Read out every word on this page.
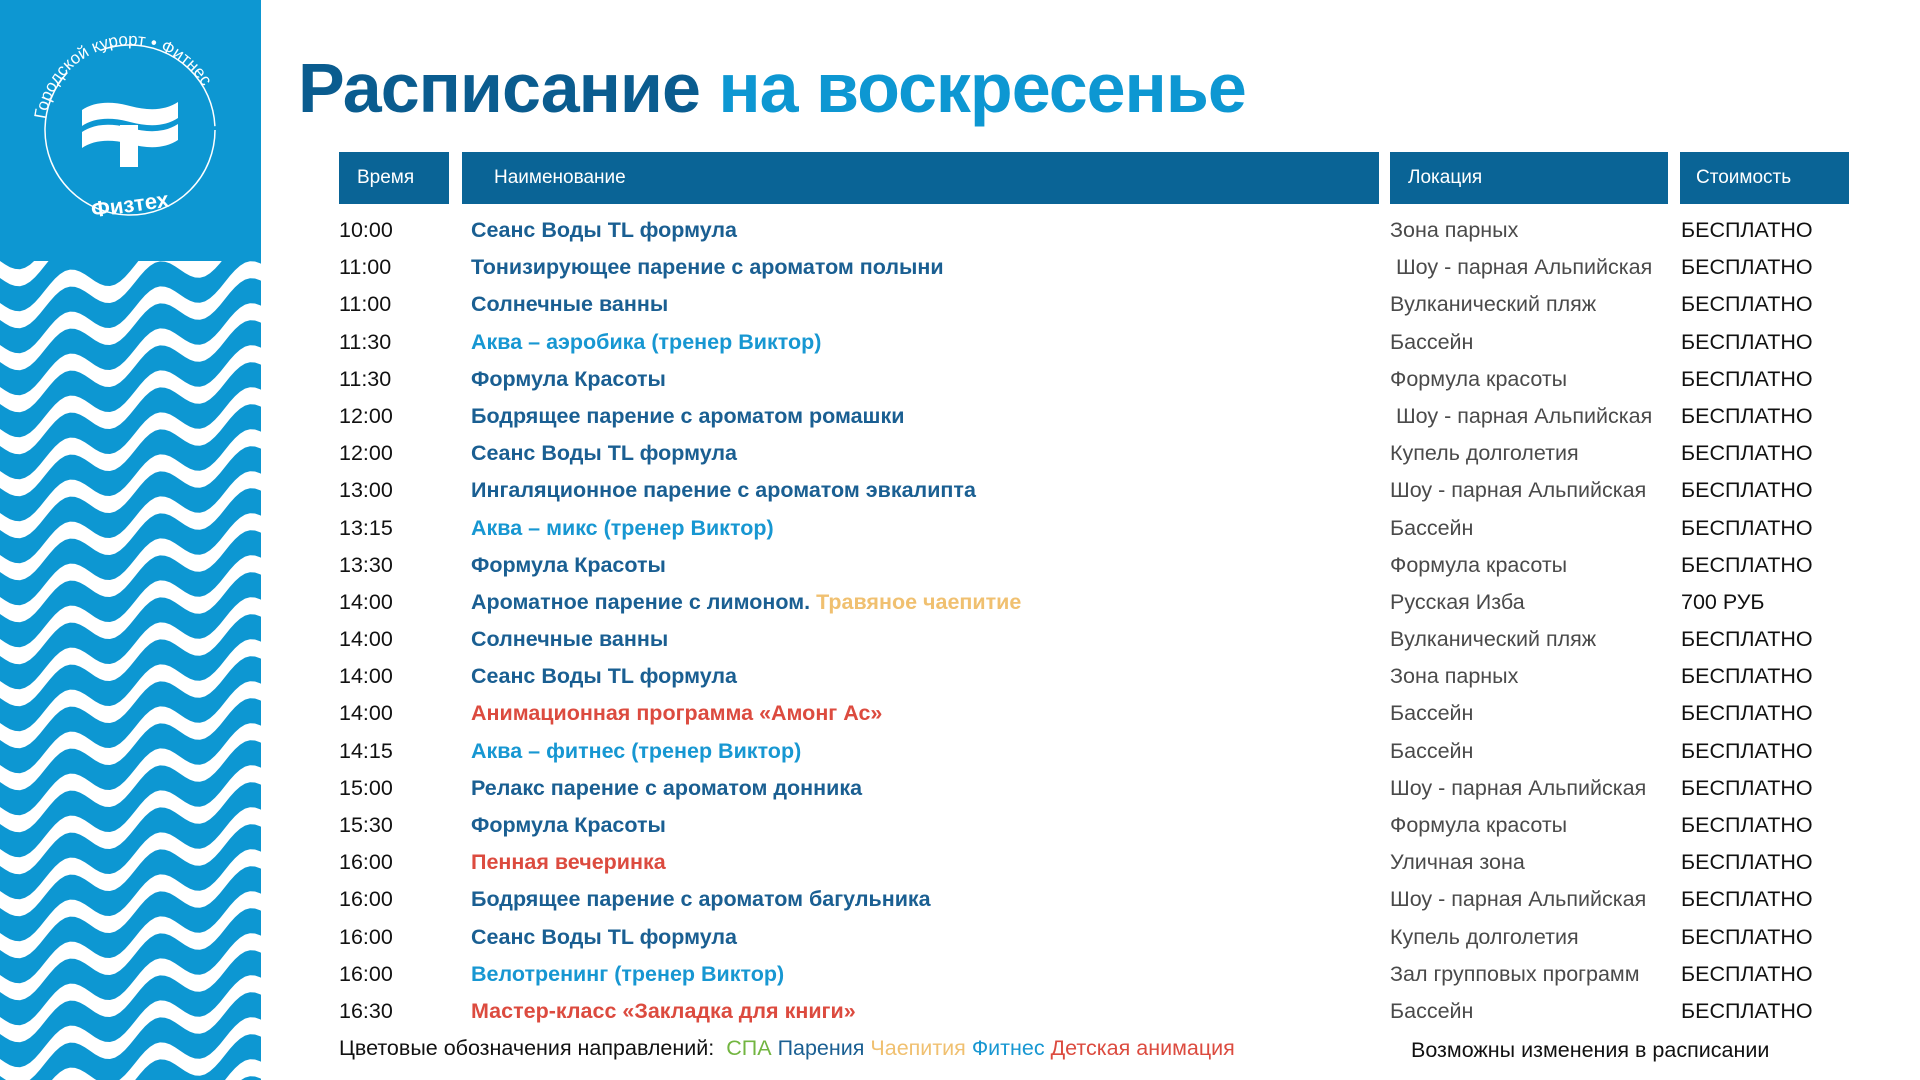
Городской курорт • Фитнес
Физтех
Расписание на воскресенье
Время	Наименование	Локация	Стоимость
10:00	Сеанс Воды TL формула	Зона парных	БЕСПЛАТНО
11:00	Тонизирующее парение с ароматом полыни	Шоу - парная Альпийская БЕСПЛАТНО
11:00	Солнечные ванны	Вулканический пляж	БЕСПЛАТНО
11:30	Аква – аэробика (тренер Виктор)	Бассейн	БЕСПЛАТНО
11:30	Формула Красоты	Формула красоты	БЕСПЛАТНО
12:00	Бодрящее парение с ароматом ромашки	Шоу - парная Альпийская БЕСПЛАТНО
12:00	Сеанс Воды TL формула	Купель долголетия	БЕСПЛАТНО
13:00	Ингаляционное парение с ароматом эвкалипта	Шоу - парная Альпийская БЕСПЛАТНО
13:15	Аква – микс (тренер Виктор)	Бассейн	БЕСПЛАТНО
13:30	Формула Красоты	Формула красоты	БЕСПЛАТНО
14:00	Ароматное парение с лимоном. Травяное чаепитие	Русская Изба	700 РУБ
14:00	Солнечные ванны	Вулканический пляж	БЕСПЛАТНО
14:00	Сеанс Воды TL формула	Зона парных	БЕСПЛАТНО
14:00	Анимационная программа «Амонг Ас»	Бассейн	БЕСПЛАТНО
14:15	Аква – фитнес (тренер Виктор)	Бассейн	БЕСПЛАТНО
15:00	Релакс парение с ароматом донника	Шоу - парная Альпийская БЕСПЛАТНО
15:30	Формула Красоты	Формула красоты	БЕСПЛАТНО
16:00	Пенная вечеринка	Уличная зона	БЕСПЛАТНО
16:00	Бодрящее парение с ароматом багульника	Шоу - парная Альпийская БЕСПЛАТНО
16:00	Сеанс Воды TL формула	Купель долголетия	БЕСПЛАТНО
16:00	Велотренинг (тренер Виктор)	Зал групповых программ БЕСПЛАТНО
16:30	Мастер-класс «Закладка для книги»	Бассейн	БЕСПЛАТНО
Цветовые обозначения направлений: СПА Парения Чаепития Фитнес Детская анимация	Возможны изменения в расписании
